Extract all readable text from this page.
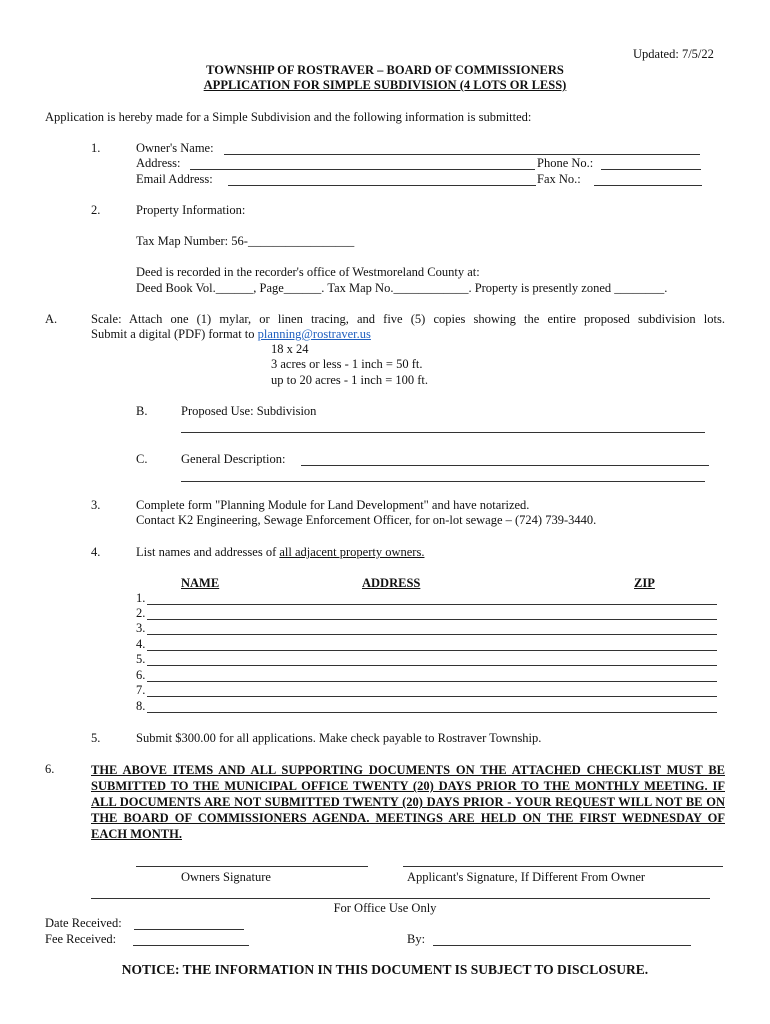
Updated: 7/5/22
TOWNSHIP OF ROSTRAVER – BOARD OF COMMISSIONERS
APPLICATION FOR SIMPLE SUBDIVISION (4 LOTS OR LESS)
Application is hereby made for a Simple Subdivision and the following information is submitted:
1.	Owner's Name:
Address:	Phone No.:
Email Address:	Fax No.:
2.	Property Information:
Tax Map Number: 56-_________________
Deed is recorded in the recorder's office of Westmoreland County at:
Deed Book Vol.______, Page______. Tax Map No.____________. Property is presently zoned ________.
A.	Scale: Attach one (1) mylar, or linen tracing, and five (5) copies showing the entire proposed subdivision lots.
Submit a digital (PDF) format to planning@rostraver.us
18 x 24
3 acres or less - 1 inch = 50 ft.
up to 20 acres - 1 inch = 100 ft.
B.	Proposed Use: Subdivision
C.	General Description:
3.	Complete form "Planning Module for Land Development" and have notarized.
Contact K2 Engineering, Sewage Enforcement Officer, for on-lot sewage – (724) 739-3440.
4.	List names and addresses of all adjacent property owners.
NAME	ADDRESS	ZIP
1.
2.
3.
4.
5.
6.
7.
8.
5.	Submit $300.00 for all applications. Make check payable to Rostraver Township.
6.	THE ABOVE ITEMS AND ALL SUPPORTING DOCUMENTS ON THE ATTACHED CHECKLIST MUST BE SUBMITTED TO THE MUNICIPAL OFFICE TWENTY (20) DAYS PRIOR TO THE MONTHLY MEETING. IF ALL DOCUMENTS ARE NOT SUBMITTED TWENTY (20) DAYS PRIOR - YOUR REQUEST WILL NOT BE ON THE BOARD OF COMMISSIONERS AGENDA. MEETINGS ARE HELD ON THE FIRST WEDNESDAY OF EACH MONTH.
Owners Signature	Applicant's Signature, If Different From Owner
For Office Use Only
Date Received:
Fee Received:	By:
NOTICE: THE INFORMATION IN THIS DOCUMENT IS SUBJECT TO DISCLOSURE.
